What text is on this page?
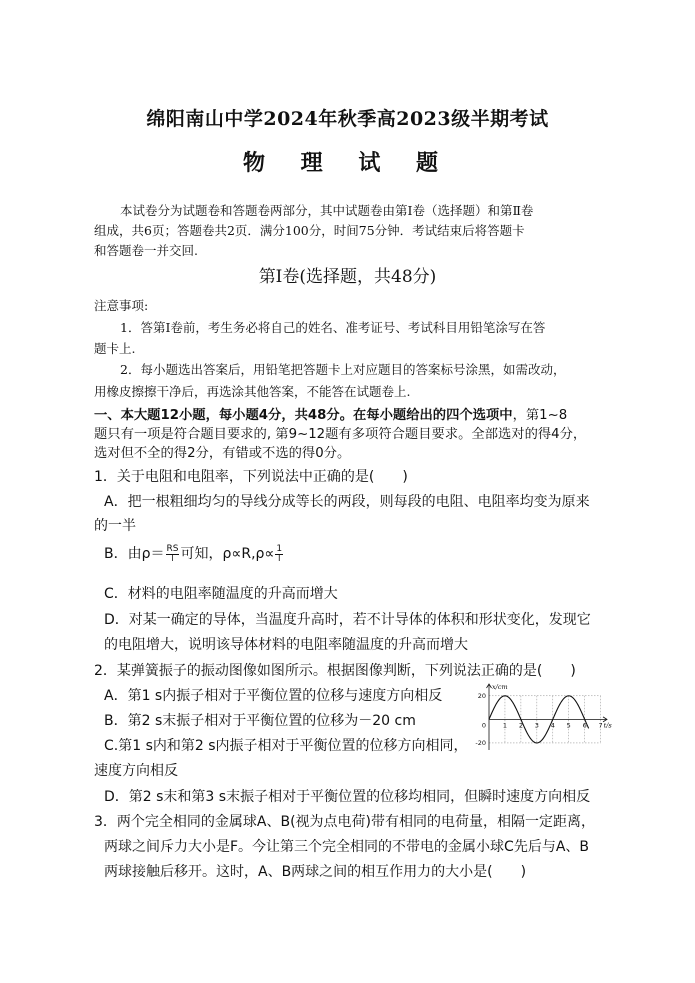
绵阳南山中学2024年秋季高2023级半期考试
物 理 试 题
本试卷分为试题卷和答题卷两部分，其中试题卷由第Ⅰ卷（选择题）和第Ⅱ卷
组成，共6页；答题卷共2页．满分100分，时间75分钟．考试结束后将答题卡
和答题卷一并交回.
第Ⅰ卷(选择题，共48分)
注意事项:
1．答第Ⅰ卷前，考生务必将自己的姓名、准考证号、考试科目用铅笔涂写在答
题卡上.
2．每小题选出答案后，用铅笔把答题卡上对应题目的答案标号涂黑，如需改动，
用橡皮擦擦干净后，再选涂其他答案，不能答在试题卷上.
一、本大题12小题，每小题4分，共48分。在每小题给出的四个选项中，第1~8
题只有一项是符合题目要求的, 第9~12题有多项符合题目要求。全部选对的得4分，
选对但不全的得2分，有错或不选的得0分。
1．关于电阻和电阻率，下列说法中正确的是(　　)
A．把一根粗细均匀的导线分成等长的两段，则每段的电阻、电阻率均变为原来
的一半
B．由$\rho= \frac{RS}{l}$ 可知，$\rho\propto R,\rho\propto \frac{1}{l}$
C．材料的电阻率随温度的升高而增大
D．对某一确定的导体，当温度升高时，若不计导体的体积和形状变化，发现它
的电阻增大，说明该导体材料的电阻率随温度的升高而增大
2．某弹簧振子的振动图像如图所示。根据图像判断，下列说法正确的是(　　)
A．第1 s内振子相对于平衡位置的位移与速度方向相反
B．第2 s末振子相对于平衡位置的位移为－20 cm
C.第1 s内和第2 s内振子相对于平衡位置的位移方向相同，
速度方向相反
D．第2 s末和第3 s末振子相对于平衡位置的位移均相同，但瞬时速度方向相反
3．两个完全相同的金属球A、B(视为点电荷)带有相同的电荷量，相隔一定距离，
两球之间斥力大小是F。今让第三个完全相同的不带电的金属小球C先后与A、B
两球接触后移开。这时，A、B两球之间的相互作用力的大小是(　　)
x/cm
t/s
1 2 3 4 5 6 7
20
-20
0
